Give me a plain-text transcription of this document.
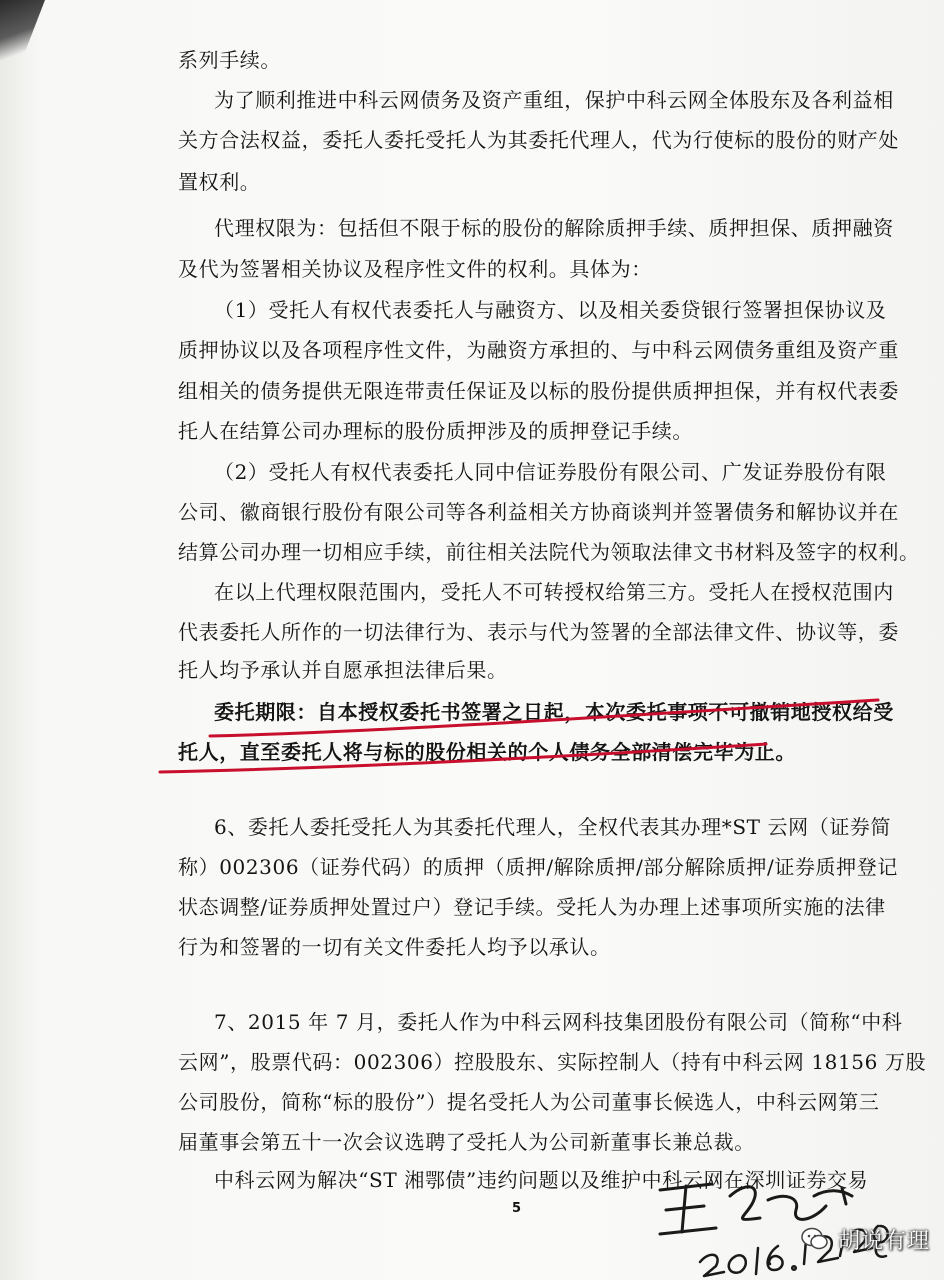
系列手续。
为了顺利推进中科云网债务及资产重组，保护中科云网全体股东及各利益相
关方合法权益，委托人委托受托人为其委托代理人，代为行使标的股份的财产处
置权利。
代理权限为：包括但不限于标的股份的解除质押手续、质押担保、质押融资
及代为签署相关协议及程序性文件的权利。具体为：
（1）受托人有权代表委托人与融资方、以及相关委贷银行签署担保协议及
质押协议以及各项程序性文件，为融资方承担的、与中科云网债务重组及资产重
组相关的债务提供无限连带责任保证及以标的股份提供质押担保，并有权代表委
托人在结算公司办理标的股份质押涉及的质押登记手续。
（2）受托人有权代表委托人同中信证券股份有限公司、广发证券股份有限
公司、徽商银行股份有限公司等各利益相关方协商谈判并签署债务和解协议并在
结算公司办理一切相应手续，前往相关法院代为领取法律文书材料及签字的权利。
在以上代理权限范围内，受托人不可转授权给第三方。受托人在授权范围内
代表委托人所作的一切法律行为、表示与代为签署的全部法律文件、协议等，委
托人均予承认并自愿承担法律后果。
委托期限：自本授权委托书签署之日起，本次委托事项不可撤销地授权给受
托人，直至委托人将与标的股份相关的个人债务全部清偿完毕为止。
6、委托人委托受托人为其委托代理人，全权代表其办理*ST 云网（证券简
称）002306（证券代码）的质押（质押/解除质押/部分解除质押/证券质押登记
状态调整/证券质押处置过户）登记手续。受托人为办理上述事项所实施的法律
行为和签署的一切有关文件委托人均予以承认。
7、2015 年 7 月，委托人作为中科云网科技集团股份有限公司（简称“中科
云网”，股票代码：002306）控股股东、实际控制人（持有中科云网 18156 万股
公司股份，简称“标的股份”）提名受托人为公司董事长候选人，中科云网第三
届董事会第五十一次会议选聘了受托人为公司新董事长兼总裁。
中科云网为解决“ST 湘鄂债”违约问题以及维护中科云网在深圳证券交易
5
胡说有理
